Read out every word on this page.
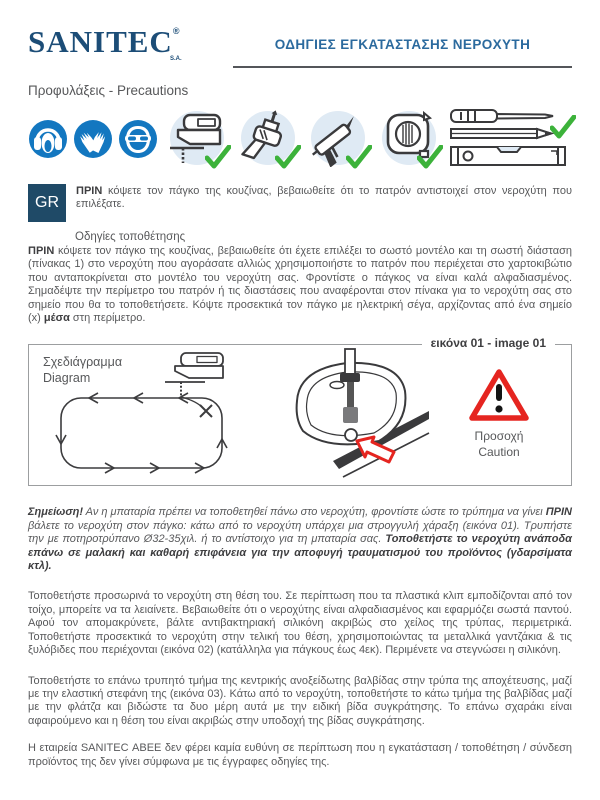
SANITEC®
S.A.
ΟΔΗΓΙΕΣ ΕΓΚΑΤΑΣΤΑΣΗΣ ΝΕΡΟΧΥΤΗ
Προφυλάξεις - Precautions
GR

ΠΡΙΝ κόψετε τον πάγκο της κουζίνας, βεβαιωθείτε ότι το πατρόν αντιστοιχεί στον νεροχύτη που επιλέξατε.

Οδηγίες τοποθέτησης

ΠΡΙΝ κόψετε τον πάγκο της κουζίνας, βεβαιωθείτε ότι έχετε επιλέξει το σωστό μοντέλο και τη σωστή διάσταση (πίνακας 1) στο νεροχύτη που αγοράσατε αλλιώς χρησιμοποιήστε το πατρόν που περιέχεται στο χαρτοκιβώτιο που ανταποκρίνεται στο μοντέλο του νεροχύτη σας. Φροντίστε ο πάγκος να είναι καλά αλφαδιασμένος. Σημαδέψτε την περίμετρο του πατρόν ή τις διαστάσεις που αναφέρονται στον πίνακα για το νεροχύτη σας στο σημείο που θα το τοποθετήσετε. Κόψτε προσεκτικά τον πάγκο με ηλεκτρική σέγα, αρχίζοντας από ένα σημείο (x) μέσα στη περίμετρο.

εικόνα 01 - image 01
Σχεδιάγραμμα
Diagram
Προσοχή
Caution

Σημείωση! Αν η μπαταρία πρέπει να τοποθετηθεί πάνω στο νεροχύτη, φροντίστε ώστε το τρύπημα να γίνει ΠΡΙΝ βάλετε το νεροχύτη στον πάγκο: κάτω από το νεροχύτη υπάρχει μια στρογγυλή χάραξη (εικόνα 01). Τρυπήστε την με ποτηροτρύπανο Ø32-35χιλ. ή το αντίστοιχο για τη μπαταρία σας. Τοποθετήστε το νεροχύτη ανάποδα επάνω σε μαλακή και καθαρή επιφάνεια για την αποφυγή τραυματισμού του προϊόντος (γδαρσίματα κτλ).

Τοποθετήστε προσωρινά το νεροχύτη στη θέση του. Σε περίπτωση που τα πλαστικά κλιπ εμποδίζονται από τον τοίχο, μπορείτε να τα λειαίνετε. Βεβαιωθείτε ότι ο νεροχύτης είναι αλφαδιασμένος και εφαρμόζει σωστά παντού. Αφού τον απομακρύνετε, βάλτε αντιβακτηριακή σιλικόνη ακριβώς στο χείλος της τρύπας, περιμετρικά. Τοποθετήστε προσεκτικά το νεροχύτη στην τελική του θέση, χρησιμοποιώντας τα μεταλλικά γαντζάκια & τις ξυλόβιδες που περιέχονται (εικόνα 02) (κατάλληλα για πάγκους έως 4εκ). Περιμένετε να στεγνώσει η σιλικόνη.

Τοποθετήστε το επάνω τρυπητό τμήμα της κεντρικής ανοξείδωτης βαλβίδας στην τρύπα της αποχέτευσης, μαζί με την ελαστική στεφάνη της (εικόνα 03). Κάτω από το νεροχύτη, τοποθετήστε το κάτω τμήμα της βαλβίδας μαζί με την φλάτζα και βιδώστε τα δυο μέρη αυτά με την ειδική βίδα συγκράτησης. Το επάνω σχαράκι είναι αφαιρούμενο και η θέση του είναι ακριβώς στην υποδοχή της βίδας συγκράτησης.

Η εταιρεία SANITEC ΑΒΕΕ δεν φέρει καμία ευθύνη σε περίπτωση που η εγκατάσταση / τοποθέτηση / σύνδεση προϊόντος της δεν γίνει σύμφωνα με τις έγγραφες οδηγίες της.
